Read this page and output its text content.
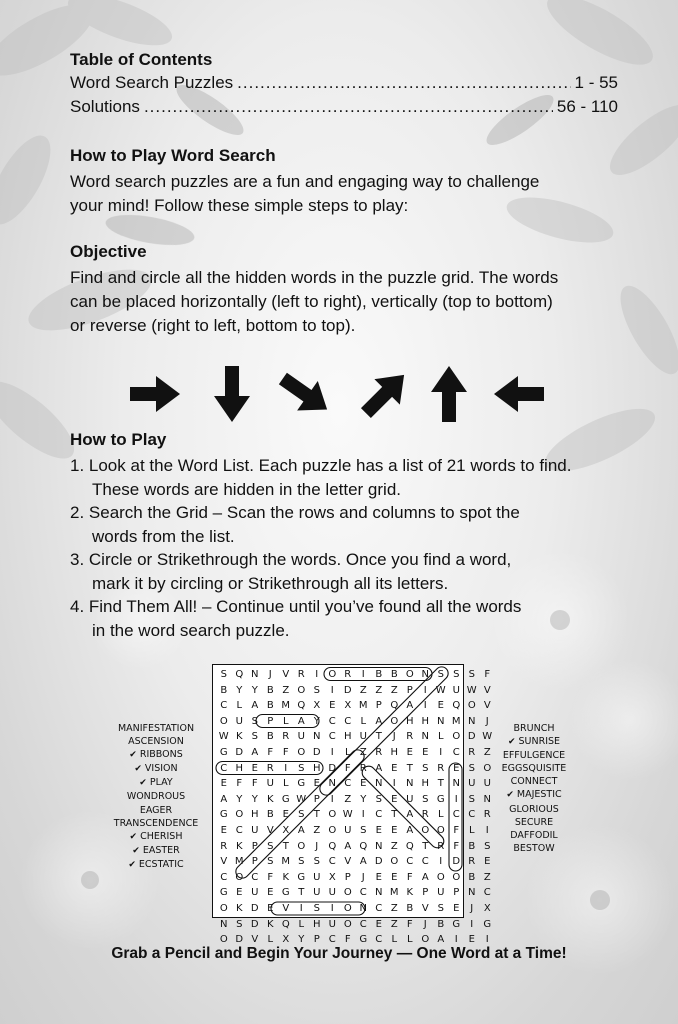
Table of Contents
Word Search Puzzles .....	1 - 55
Solutions .....	56 - 110
How to Play Word Search

Word search puzzles are a fun and engaging way to challenge
your mind! Follow these simple steps to play:

Objective

Find and circle all the hidden words in the puzzle grid. The words
can be placed horizontally (left to right), vertically (top to bottom)
or reverse (right to left, bottom to top).

How to Play
1. Look at the Word List. Each puzzle has a list of 21 words to find.
These words are hidden in the letter grid.
2. Search the Grid – Scan the rows and columns to spot the
words from the list.
3. Circle or Strikethrough the words. Once you find a word,
mark it by circling or Strikethrough all its letters.
4. Find Them All! – Continue until you’ve found all the words
in the word search puzzle.
MANIFESTATION
ASCENSION
✔ RIBBONS
✔ VISION
✔ PLAY
WONDROUS
EAGER
TRANSCENDENCE
✔ CHERISH
✔ EASTER
✔ ECSTATIC
S Q N	J	V R	I	O R	I	B B O N S S S F
B Y Y B Z O S	I	D Z Z Z P	I W U W V
C L A B M Q X E X M P Q A	I	E Q O V
O U S P L A Y C C L A O H H N M N	J
W K S B R U N C H U T	J	R N L O D W
G D A F F O D	I	L Z R H E E	I	C R Z
C H E R	I	S H D F R A E T S R E S O
E F F U L G E N C E N	I	N H T N U U
A Y Y K G W P	I	Z Y S E U S G	I	S N
G O H B E S T O W I	C T A R L C C R
E C U V X A Z O U S E E A O O F L	I
R K P S T O	J	Q A Q N Z Q T R F B S
V M P S M S S C V A D O C C	I	D R E
C O C F K G U X P	J	E E F A O O B Z
G E U E G T U U O C N M K P U P N C
O K D E V	I	S	I	O N C Z B V S E	J	X
N S D K Q L H U O C E Z F	J	B G	I	G
O D V L X Y P C F G C L L O A	I	E	I
BRUNCH
✔ SUNRISE
EFFULGENCE
EGGSQUISITE
CONNECT
✔ MAJESTIC
GLORIOUS
SECURE
DAFFODIL
BESTOW

Grab a Pencil and Begin Your Journey — One Word at a Time!
